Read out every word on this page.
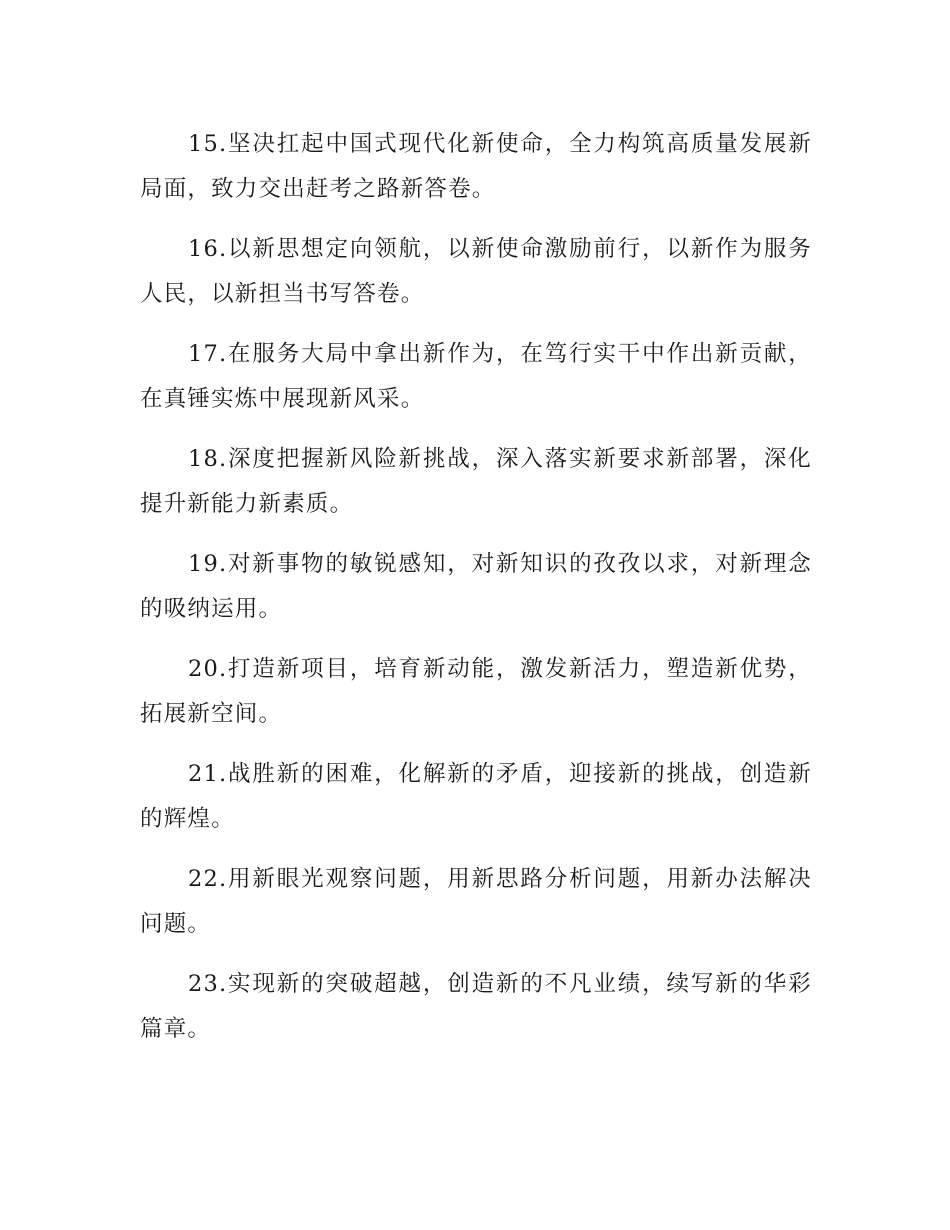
15.坚决扛起中国式现代化新使命，全力构筑高质量发展新局面，致力交出赶考之路新答卷。

16.以新思想定向领航，以新使命激励前行，以新作为服务人民，以新担当书写答卷。

17.在服务大局中拿出新作为，在笃行实干中作出新贡献，在真锤实炼中展现新风采。

18.深度把握新风险新挑战，深入落实新要求新部署，深化提升新能力新素质。

19.对新事物的敏锐感知，对新知识的孜孜以求，对新理念的吸纳运用。

20.打造新项目，培育新动能，激发新活力，塑造新优势，拓展新空间。

21.战胜新的困难，化解新的矛盾，迎接新的挑战，创造新的辉煌。

22.用新眼光观察问题，用新思路分析问题，用新办法解决问题。

23.实现新的突破超越，创造新的不凡业绩，续写新的华彩篇章。
